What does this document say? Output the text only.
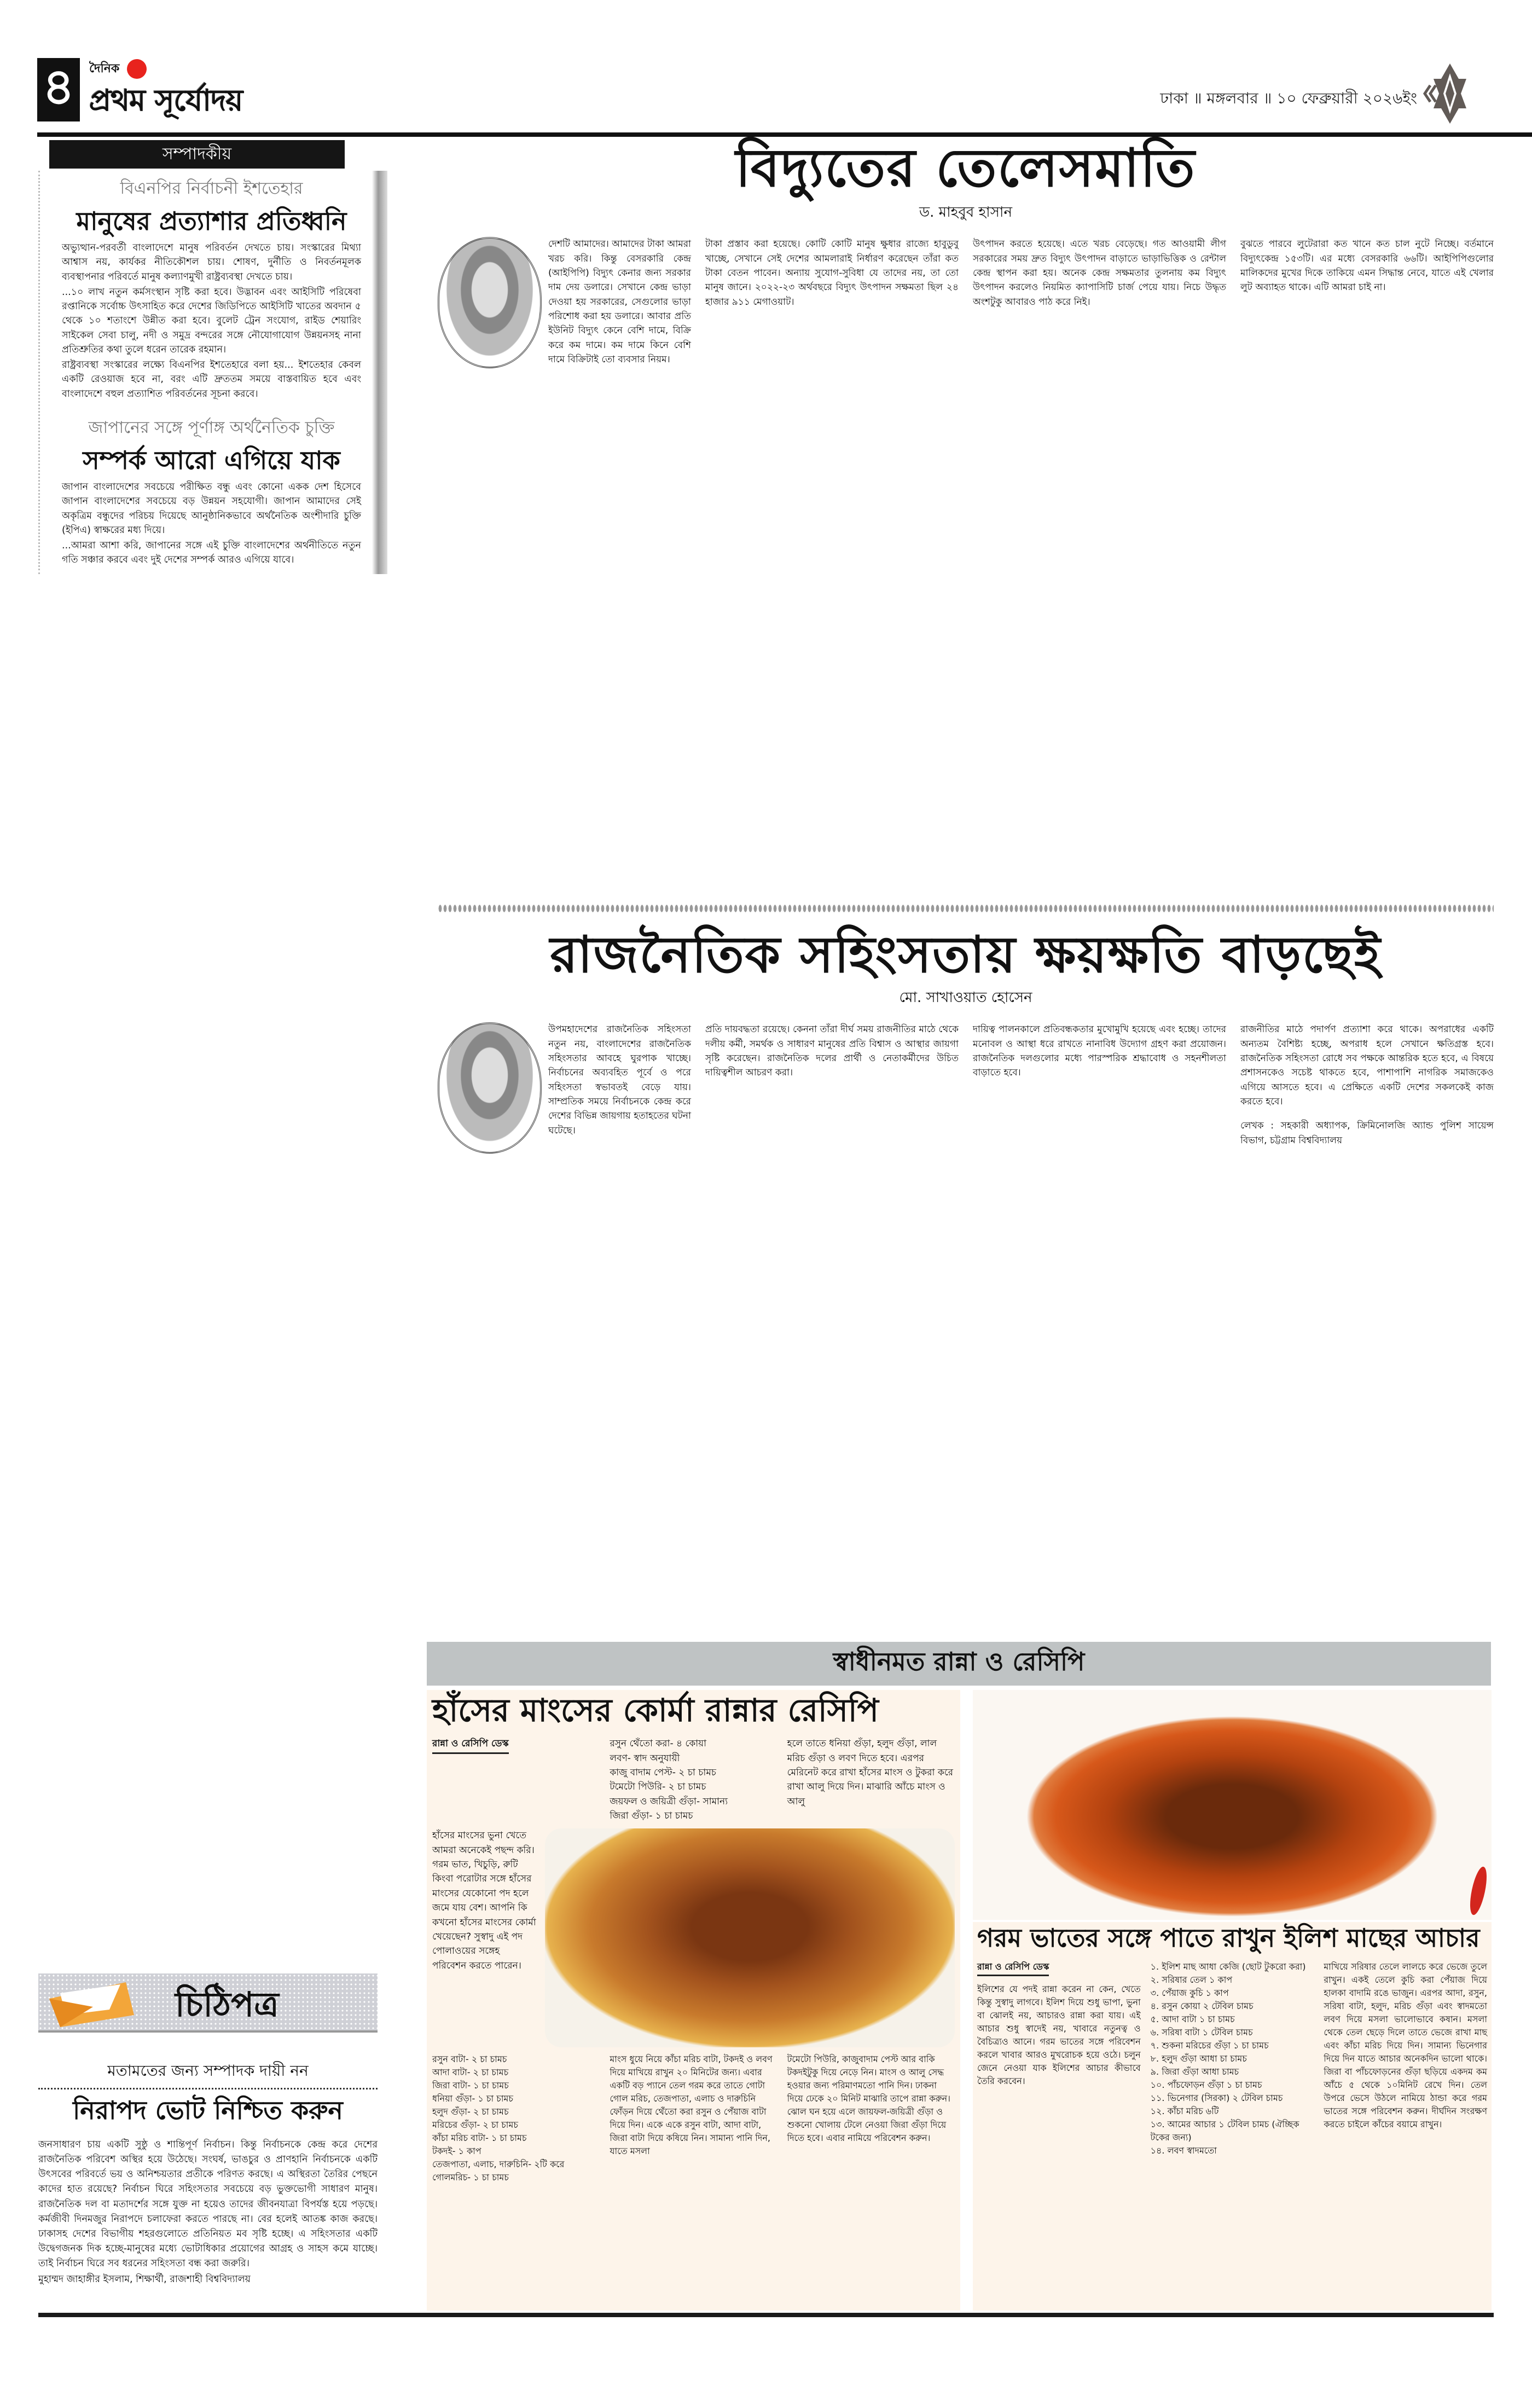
৪	দৈনিক
প্রথম সূর্যোদয়	ঢাকা ॥ মঙ্গলবার ॥ ১০ ফেব্রুয়ারী ২০২৬ইং
সম্পাদকীয়
বিএনপির নির্বাচনী ইশতেহার
মানুষের প্রত্যাশার প্রতিধ্বনি

অভ্যুত্থান-পরবর্তী বাংলাদেশে মানুষ পরিবর্তন দেখতে চায়। সংস্কারের মিথ্যা আশ্বাস নয়, কার্যকর নীতিকৌশল চায়। শোষণ, দুর্নীতি ও নিবর্তনমূলক ব্যবস্থাপনার পরিবর্তে মানুষ কল্যাণমুখী রাষ্ট্রব্যবস্থা দেখতে চায়।

...১০ লাখ নতুন কর্মসংস্থান সৃষ্টি করা হবে। উদ্ভাবন এবং আইসিটি পরিষেবা রপ্তানিকে সর্বোচ্চ উৎসাহিত করে দেশের জিডিপিতে আইসিটি খাতের অবদান ৫ থেকে ১০ শতাংশে উন্নীত করা হবে। বুলেট ট্রেন সংযোগ, রাইড শেয়ারিং সাইকেল সেবা চালু, নদী ও সমুদ্র বন্দরের সঙ্গে নৌযোগাযোগ উন্নয়নসহ নানা প্রতিশ্রুতির কথা তুলে ধরেন তারেক রহমান।

রাষ্ট্রব্যবস্থা সংস্কারের লক্ষ্যে বিএনপির ইশতেহারে বলা হয়... ইশতেহার কেবল একটি রেওয়াজ হবে না, বরং এটি দ্রুততম সময়ে বাস্তবায়িত হবে এবং বাংলাদেশে বহুল প্রত্যাশিত পরিবর্তনের সূচনা করবে।

জাপানের সঙ্গে পূর্ণাঙ্গ অর্থনৈতিক চুক্তি
সম্পর্ক আরো এগিয়ে যাক

জাপান বাংলাদেশের সবচেয়ে পরীক্ষিত বন্ধু এবং কোনো একক দেশ হিসেবে জাপান বাংলাদেশের সবচেয়ে বড় উন্নয়ন সহযোগী। জাপান আমাদের সেই অকৃত্রিম বন্ধুদের পরিচয় দিয়েছে আনুষ্ঠানিকভাবে অর্থনৈতিক অংশীদারি চুক্তি (ইপিএ) স্বাক্ষরের মধ্য দিয়ে।

...আমরা আশা করি, জাপানের সঙ্গে এই চুক্তি বাংলাদেশের অর্থনীতিতে নতুন গতি সঞ্চার করবে এবং দুই দেশের সম্পর্ক আরও এগিয়ে যাবে।

চিঠিপত্র
মতামতের জন্য সম্পাদক দায়ী নন
নিরাপদ ভোট নিশ্চিত করুন

জনসাধারণ চায় একটি সুষ্ঠু ও শান্তিপূর্ণ নির্বাচন। কিন্তু নির্বাচনকে কেন্দ্র করে দেশের রাজনৈতিক পরিবেশ অস্থির হয়ে উঠেছে। সংঘর্ষ, ভাঙচুর ও প্রাণহানি নির্বাচনকে একটি উৎসবের পরিবর্তে ভয় ও অনিশ্চয়তার প্রতীকে পরিণত করছে। এ অস্থিরতা তৈরির পেছনে কাদের হাত রয়েছে? নির্বাচন ঘিরে সহিংসতার সবচেয়ে বড় ভুক্তভোগী সাধারণ মানুষ। রাজনৈতিক দল বা মতাদর্শের সঙ্গে যুক্ত না হয়েও তাদের জীবনযাত্রা বিপর্যস্ত হয়ে পড়ছে। কর্মজীবী দিনমজুর নিরাপদে চলাফেরা করতে পারছে না। বের হলেই আতঙ্ক কাজ করছে। ঢাকাসহ দেশের বিভাগীয় শহরগুলোতে প্রতিনিয়ত মব সৃষ্টি হচ্ছে। এ সহিংসতার একটি উদ্বেগজনক দিক হচ্ছে-মানুষের মধ্যে ভোটাধিকার প্রয়োগের আগ্রহ ও সাহস কমে যাচ্ছে। তাই নির্বাচন ঘিরে সব ধরনের সহিংসতা বন্ধ করা জরুরি।

মুহাম্মদ জাহাঙ্গীর ইসলাম, শিক্ষার্থী, রাজশাহী বিশ্ববিদ্যালয়

বিদ্যুতের তেলেসমাতি
ড. মাহবুব হাসান
দেশটি আমাদের। আমাদের টাকা আমরা খরচ করি। কিন্তু বেসরকারি কেন্দ্র (আইপিপি) বিদ্যুৎ কেনার জন্য সরকার দাম দেয় ডলারে। সেখানে কেন্দ্র ভাড়া দেওয়া হয় সরকারের, সেগুলোর ভাড়া পরিশোধ করা হয় ডলারে। আবার প্রতি ইউনিট বিদ্যুৎ কেনে বেশি দামে, বিক্রি করে কম দামে। কম দামে কিনে বেশি দামে বিক্রিটাই তো ব্যবসার নিয়ম।
টাকা প্রস্তাব করা হয়েছে। কোটি কোটি মানুষ ক্ষুধার রাজ্যে হাবুডুবু খাচ্ছে, সেখানে সেই দেশের আমলারাই নির্ধারণ করেছেন তাঁরা কত টাকা বেতন পাবেন। অন্যায় সুযোগ-সুবিধা যে তাদের নয়, তা তো মানুষ জানে। ২০২২-২৩ অর্থবছরে বিদ্যুৎ উৎপাদন সক্ষমতা ছিল ২৪ হাজার ৯১১ মেগাওয়াট।
উৎপাদন করতে হয়েছে। এতে খরচ বেড়েছে। গত আওয়ামী লীগ সরকারের সময় দ্রুত বিদ্যুৎ উৎপাদন বাড়াতে ভাড়াভিত্তিক ও রেন্টাল কেন্দ্র স্থাপন করা হয়। অনেক কেন্দ্র সক্ষমতার তুলনায় কম বিদ্যুৎ উৎপাদন করলেও নিয়মিত ক্যাপাসিটি চার্জ পেয়ে যায়। নিচে উদ্ধৃত অংশটুকু আবারও পাঠ করে নিই।
বুঝতে পারবে লুটেরারা কত খানে কত চাল নুটে নিচ্ছে। বর্তমানে বিদ্যুৎকেন্দ্র ১৫৩টি। এর মধ্যে বেসরকারি ৬৬টি। আইপিপিগুলোর মালিকদের মুখের দিকে তাকিয়ে এমন সিদ্ধান্ত নেবে, যাতে এই খেলার লুট অব্যাহত থাকে। এটি আমরা চাই না।
রাজনৈতিক সহিংসতায় ক্ষয়ক্ষতি বাড়ছেই
মো. সাখাওয়াত হোসেন
উপমহাদেশের রাজনৈতিক সহিংসতা নতুন নয়, বাংলাদেশের রাজনৈতিক সহিংসতার আবহে ঘুরপাক খাচ্ছে। নির্বাচনের অব্যবহিত পূর্বে ও পরে সহিংসতা স্বভাবতই বেড়ে যায়। সাম্প্রতিক সময়ে নির্বাচনকে কেন্দ্র করে দেশের বিভিন্ন জায়গায় হতাহতের ঘটনা ঘটেছে।
প্রতি দায়বদ্ধতা রয়েছে। কেননা তাঁরা দীর্ঘ সময় রাজনীতির মাঠে থেকে দলীয় কর্মী, সমর্থক ও সাধারণ মানুষের প্রতি বিশ্বাস ও আস্থার জায়গা সৃষ্টি করেছেন। রাজনৈতিক দলের প্রার্থী ও নেতাকর্মীদের উচিত দায়িত্বশীল আচরণ করা।
দায়িত্ব পালনকালে প্রতিবন্ধকতার মুখোমুখি হয়েছে এবং হচ্ছে। তাদের মনোবল ও আস্থা ধরে রাখতে নানাবিধ উদ্যোগ গ্রহণ করা প্রয়োজন। রাজনৈতিক দলগুলোর মধ্যে পারস্পরিক শ্রদ্ধাবোধ ও সহনশীলতা বাড়াতে হবে।
রাজনীতির মাঠে পদার্পণ প্রত্যাশা করে থাকে। অপরাধের একটি অন্যতম বৈশিষ্ট্য হচ্ছে, অপরাধ হলে সেখানে ক্ষতিগ্রস্ত হবে। রাজনৈতিক সহিংসতা রোধে সব পক্ষকে আন্তরিক হতে হবে, এ বিষয়ে প্রশাসনকেও সচেষ্ট থাকতে হবে, পাশাপাশি নাগরিক সমাজকেও এগিয়ে আসতে হবে। এ প্রেক্ষিতে একটি দেশের সকলকেই কাজ করতে হবে।
লেখক : সহকারী অধ্যাপক, ক্রিমিনোলজি অ্যান্ড পুলিশ সায়েন্স বিভাগ, চট্টগ্রাম বিশ্ববিদ্যালয়
স্বাধীনমত রান্না ও রেসিপি
হাঁসের মাংসের কোর্মা রান্নার রেসিপি
রান্না ও রেসিপি ডেস্ক	রসুন থেঁতো করা- ৪ কোয়া
লবণ- স্বাদ অনুযায়ী
কাজু বাদাম পেস্ট- ২ চা চামচ
টমেটো পিউরি- ২ চা চামচ
জয়ফল ও জয়িত্রী গুঁড়া- সামান্য
জিরা গুঁড়া- ১ চা চামচ
হলে তাতে ধনিয়া গুঁড়া, হলুদ গুঁড়া, লাল মরিচ গুঁড়া ও লবণ দিতে হবে। এরপর মেরিনেট করে রাখা হাঁসের মাংস ও টুকরা করে রাখা আলু দিয়ে দিন। মাঝারি আঁচে মাংস ও আলু
হাঁসের মাংসের ভুনা খেতে আমরা অনেকেই পছন্দ করি। গরম ভাত, খিচুড়ি, রুটি কিংবা পরোটার সঙ্গে হাঁসের মাংসের যেকোনো পদ হলে জমে যায় বেশ। আপনি কি কখনো হাঁসের মাংসের কোর্মা খেয়েছেন? সুস্বাদু এই পদ পোলাওয়ের সঙ্গেহ পরিবেশন করতে পারেন।
রসুন বাটা- ২ চা চামচ
আদা বাটা- ২ চা চামচ
জিরা বাটা- ১ চা চামচ
ধনিয়া গুঁড়া- ১ চা চামচ
হলুদ গুঁড়া- ২ চা চামচ
মরিচের গুঁড়া- ২ চা চামচ
কাঁচা মরিচ বাটা- ১ চা চামচ
টকদই- ১ কাপ
তেজপাতা, এলাচ, দারুচিনি- ২টি করে
গোলমরিচ- ১ চা চামচ
মাংস ধুয়ে নিয়ে কাঁচা মরিচ বাটা, টকদই ও লবণ দিয়ে মাখিয়ে রাখুন ২০ মিনিটের জন্য। এবার একটি বড় প্যানে তেল গরম করে তাতে গোটা গোল মরিচ, তেজপাতা, এলাচ ও দারুচিনি ফোঁড়ন দিয়ে থেঁতো করা রসুন ও পেঁয়াজ বাটা দিয়ে দিন। একে একে রসুন বাটা, আদা বাটা, জিরা বাটা দিয়ে কষিয়ে নিন। সামান্য পানি দিন, যাতে মসলা
টমেটো পিউরি, কাজুবাদাম পেস্ট আর বাকি টকদইটুকু দিয়ে নেড়ে নিন। মাংস ও আলু সেদ্ধ হওয়ার জন্য পরিমাণমতো পানি দিন। ঢাকনা দিয়ে ঢেকে ২০ মিনিট মাঝারি তাপে রান্না করুন। ঝোল ঘন হয়ে এলে জায়ফল-জয়িত্রী গুঁড়া ও শুকনো খোলায় টেলে নেওয়া জিরা গুঁড়া দিয়ে দিতে হবে। এবার নামিয়ে পরিবেশন করুন।
গরম ভাতের সঙ্গে পাতে রাখুন ইলিশ মাছের আচার
রান্না ও রেসিপি ডেস্ক
ইলিশের যে পদই রান্না করেন না কেন, খেতে কিন্তু সুস্বাদু লাগবে। ইলিশ দিয়ে শুধু ভাপা, ভুনা বা ঝোলই নয়, আচারও রান্না করা যায়। এই আচার শুধু স্বাদেই নয়, খাবারে নতুনত্ব ও বৈচিত্র্যও আনে। গরম ভাতের সঙ্গে পরিবেশন করলে খাবার আরও মুখরোচক হয়ে ওঠে। চলুন জেনে নেওয়া যাক ইলিশের আচার কীভাবে তৈরি করবেন।
১. ইলিশ মাছ আধা কেজি (ছোট টুকরো করা)
২. সরিষার তেল ১ কাপ
৩. পেঁয়াজ কুচি ১ কাপ
৪. রসুন কোয়া ২ টেবিল চামচ
৫. আদা বাটা ১ চা চামচ
৬. সরিষা বাটা ১ টেবিল চামচ
৭. শুকনা মরিচের গুঁড়া ১ চা চামচ
৮. হলুদ গুঁড়া আধা চা চামচ
৯. জিরা গুঁড়া আধা চামচ
১০. পাঁচফোড়ন গুঁড়া ১ চা চামচ
১১. ভিনেগার (সিরকা) ২ টেবিল চামচ
১২. কাঁচা মরিচ ৬টি
১৩. আমের আচার ১ টেবিল চামচ (ঐচ্ছিক টকের জন্য)
১৪. লবণ স্বাদমতো
মাখিয়ে সরিষার তেলে লালচে করে ভেজে তুলে রাখুন। একই তেলে কুচি করা পেঁয়াজ দিয়ে হালকা বাদামি রঙে ভাজুন। এরপর আদা, রসুন, সরিষা বাটা, হলুদ, মরিচ গুঁড়া এবং স্বাদমতো লবণ দিয়ে মসলা ভালোভাবে কষান। মসলা থেকে তেল ছেড়ে দিলে তাতে ভেজে রাখা মাছ এবং কাঁচা মরিচ দিয়ে দিন। সামান্য ভিনেগার দিয়ে দিন যাতে আচার অনেকদিন ভালো থাকে। জিরা বা পাঁচফোড়নের গুঁড়া ছড়িয়ে একদম কম আঁচে ৫ থেকে ১০মিনিট রেখে দিন। তেল উপরে ভেসে উঠলে নামিয়ে ঠান্ডা করে গরম ভাতের সঙ্গে পরিবেশন করুন। দীর্ঘদিন সংরক্ষণ করতে চাইলে কাঁচের বয়ামে রাখুন।
